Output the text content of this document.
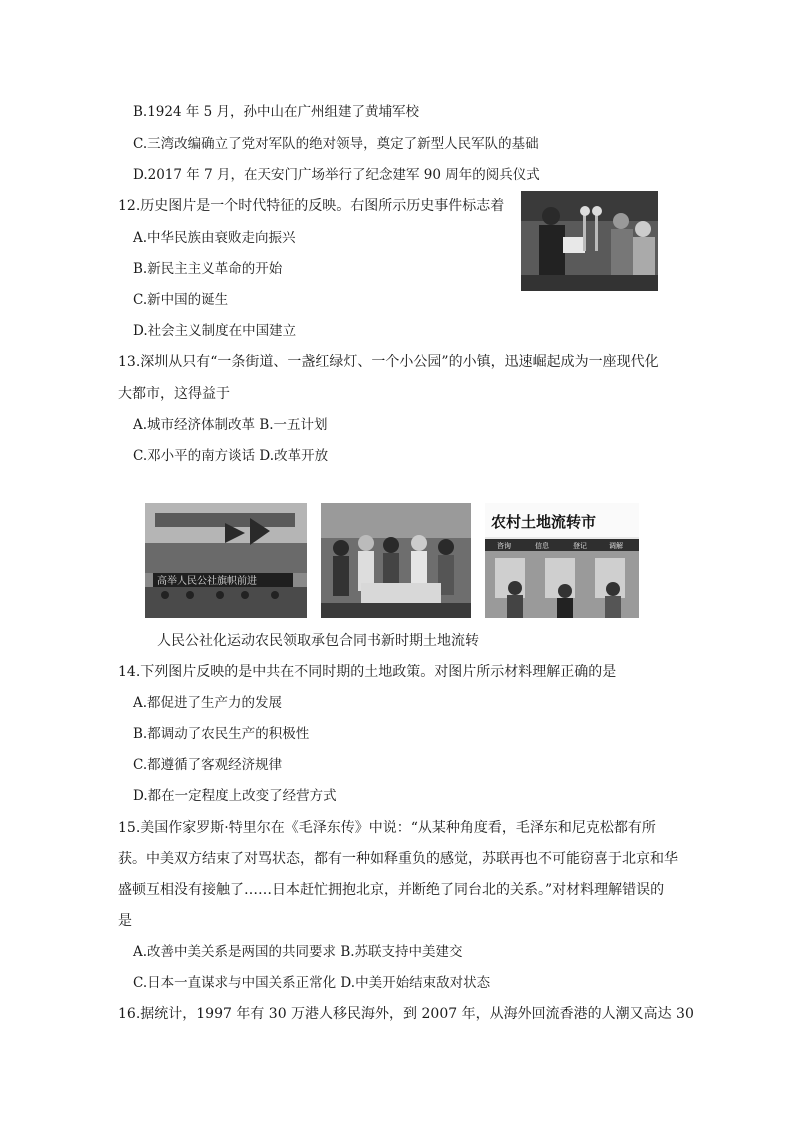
B.1924 年 5 月，孙中山在广州组建了黄埔军校
C.三湾改编确立了党对军队的绝对领导，奠定了新型人民军队的基础
D.2017 年 7 月，在天安门广场举行了纪念建军 90 周年的阅兵仪式
12.历史图片是一个时代特征的反映。右图所示历史事件标志着
A.中华民族由衰败走向振兴
B.新民主主义革命的开始
C.新中国的诞生
D.社会主义制度在中国建立
13.深圳从只有“一条街道、一盏红绿灯、一个小公园”的小镇，迅速崛起成为一座现代化
大都市，这得益于
A.城市经济体制改革 B.一五计划
C.邓小平的南方谈话 D.改革开放
高举人民公社旗帜前进
农村土地流转市
咨询	信息	登记	调解
人民公社化运动农民领取承包合同书新时期土地流转
14.下列图片反映的是中共在不同时期的土地政策。对图片所示材料理解正确的是
A.都促进了生产力的发展
B.都调动了农民生产的积极性
C.都遵循了客观经济规律
D.都在一定程度上改变了经营方式
15.美国作家罗斯·特里尔在《毛泽东传》中说：“从某种角度看，毛泽东和尼克松都有所
获。中美双方结束了对骂状态，都有一种如释重负的感觉，苏联再也不可能窃喜于北京和华
盛顿互相没有接触了……日本赶忙拥抱北京，并断绝了同台北的关系。”对材料理解错误的
是
A.改善中美关系是两国的共同要求 B.苏联支持中美建交
C.日本一直谋求与中国关系正常化 D.中美开始结束敌对状态
16.据统计，1997 年有 30 万港人移民海外，到 2007 年，从海外回流香港的人潮又高达 30
